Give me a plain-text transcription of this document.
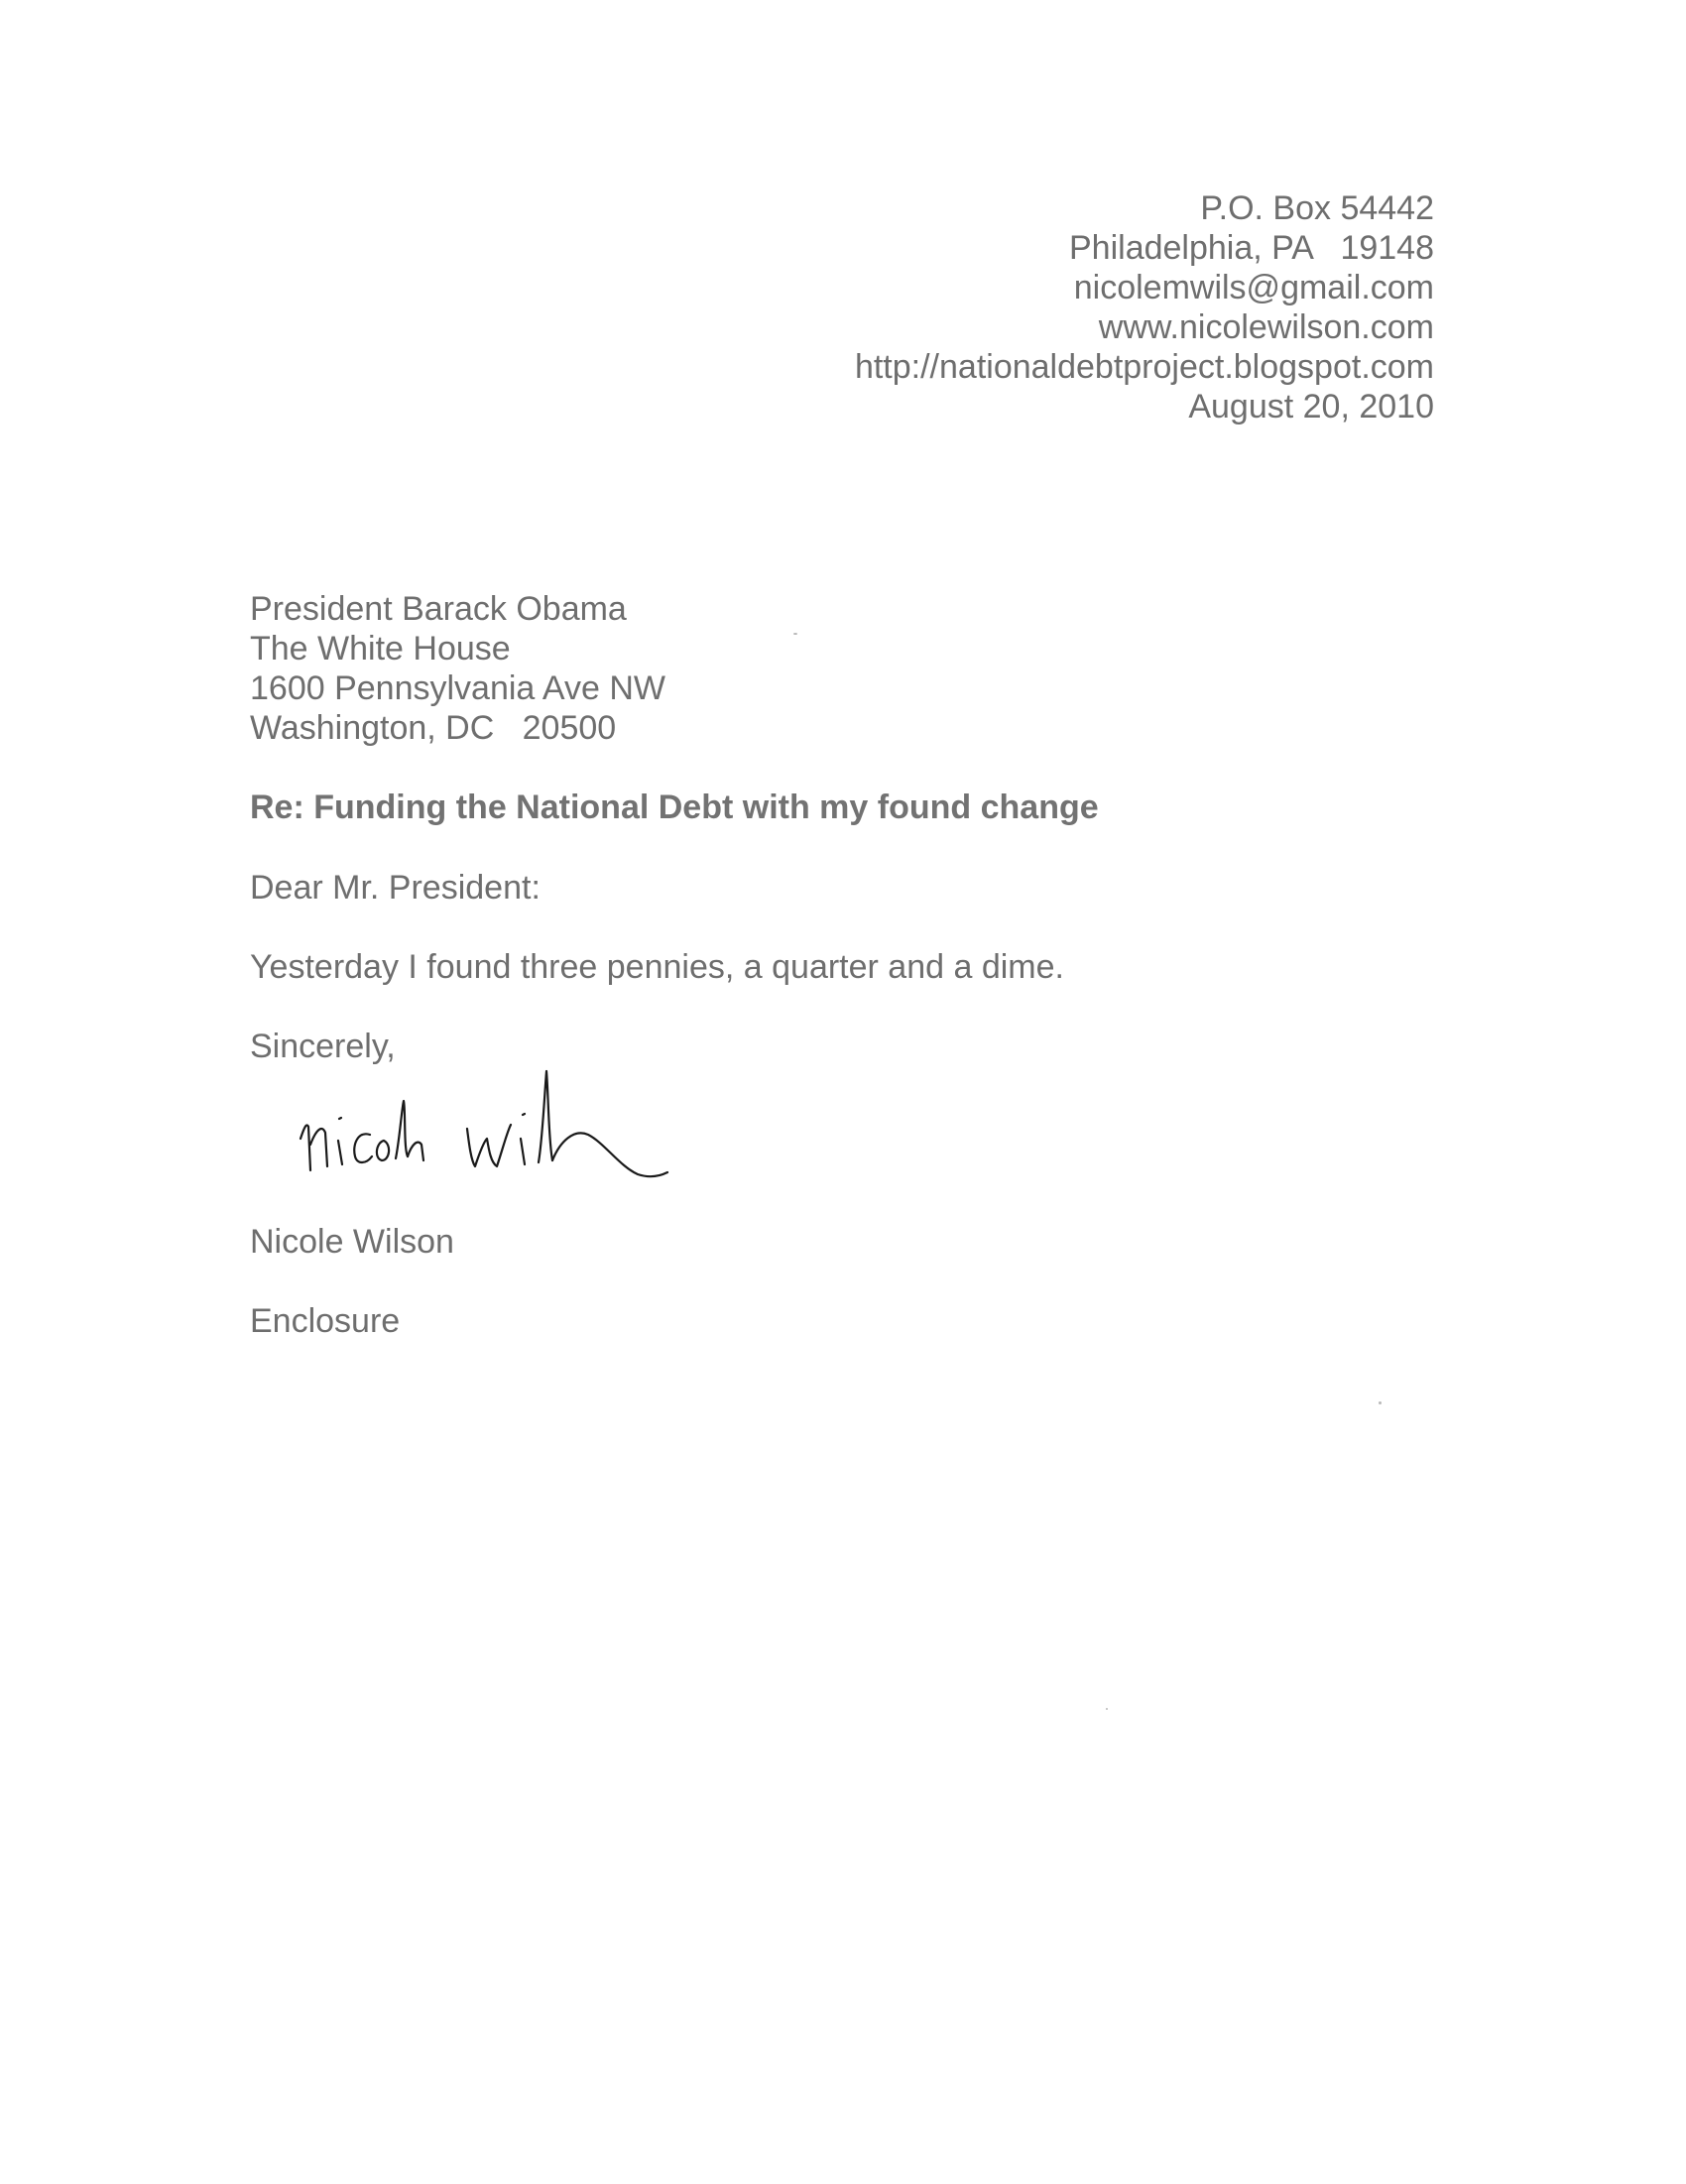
P.O. Box 54442
Philadelphia, PA   19148
nicolemwils@gmail.com
www.nicolewilson.com
http://nationaldebtproject.blogspot.com
August 20, 2010
President Barack Obama
The White House
1600 Pennsylvania Ave NW
Washington, DC   20500
Re: Funding the National Debt with my found change
Dear Mr. President:
Yesterday I found three pennies, a quarter and a dime.
Sincerely,
Nicole Wilson
Enclosure
